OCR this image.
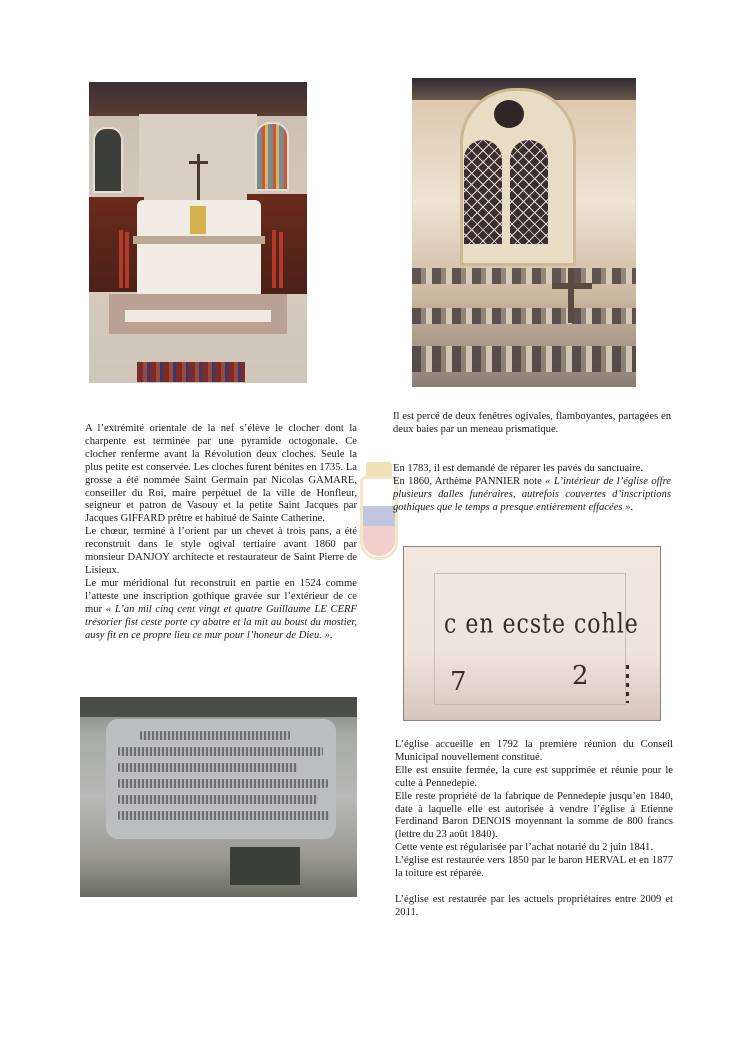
A l’extrémité orientale de la nef s’élève le clocher dont la charpente est terminée par une pyramide octogonale. Ce clocher renferme avant la Révolution deux cloches. Seule la plus petite est conservée. Les cloches furent bénites en 1735. La grosse a été nommée Saint Germain par Nicolas GAMARE, conseiller du Roi, maire perpétuel de la ville de Honfleur, seigneur et patron de Vasouy et la petite Saint Jacques par Jacques GIFFARD prêtre et habitué de Sainte Catherine.

Le chœur, terminé à l’orient par un chevet à trois pans, a été reconstruit dans le style ogival tertiaire avant 1860 par monsieur DANJOY architecte et restaurateur de Saint Pierre de Lisieux.

Le mur méridional fut reconstruit en partie en 1524 comme l’atteste une inscription gothique gravée sur l’extérieur de ce mur « L’an mil cinq cent vingt et quatre Guillaume LE CERF trésorier fist ceste porte cy abatre et la mit au boust du mostier, ausy fit en ce propre lieu ce mur pour l’honeur de Dieu. ».

Il est percé de deux fenêtres ogivales, flamboyantes, partagées en deux baies par un meneau prismatique.

En 1783, il est demandé de réparer les pavés du sanctuaire.
En 1860, Arthème PANNIER note « L’intérieur de l’église offre plusieurs dalles funéraires, autrefois couvertes d’inscriptions gothiques que le temps a presque entièrement effacées ».

c en ecste cohle
7	2

L’église accueille en 1792 la première réunion du Conseil Municipal nouvellement constitué.

Elle est ensuite fermée, la cure est supprimée et réunie pour le culte à Pennedepie.

Elle reste propriété de la fabrique de Pennedepie jusqu’en 1840, date à laquelle elle est autorisée à vendre l’église à Etienne Ferdinand Baron DENOIS moyennant la somme de 800 francs (lettre du 23 août 1840).

Cette vente est régularisée par l’achat notarié du 2 juin 1841.

L’église est restaurée vers 1850 par le baron HERVAL et en 1877 la toiture est réparée.

L’église est restaurée par les actuels propriétaires entre 2009 et 2011.
